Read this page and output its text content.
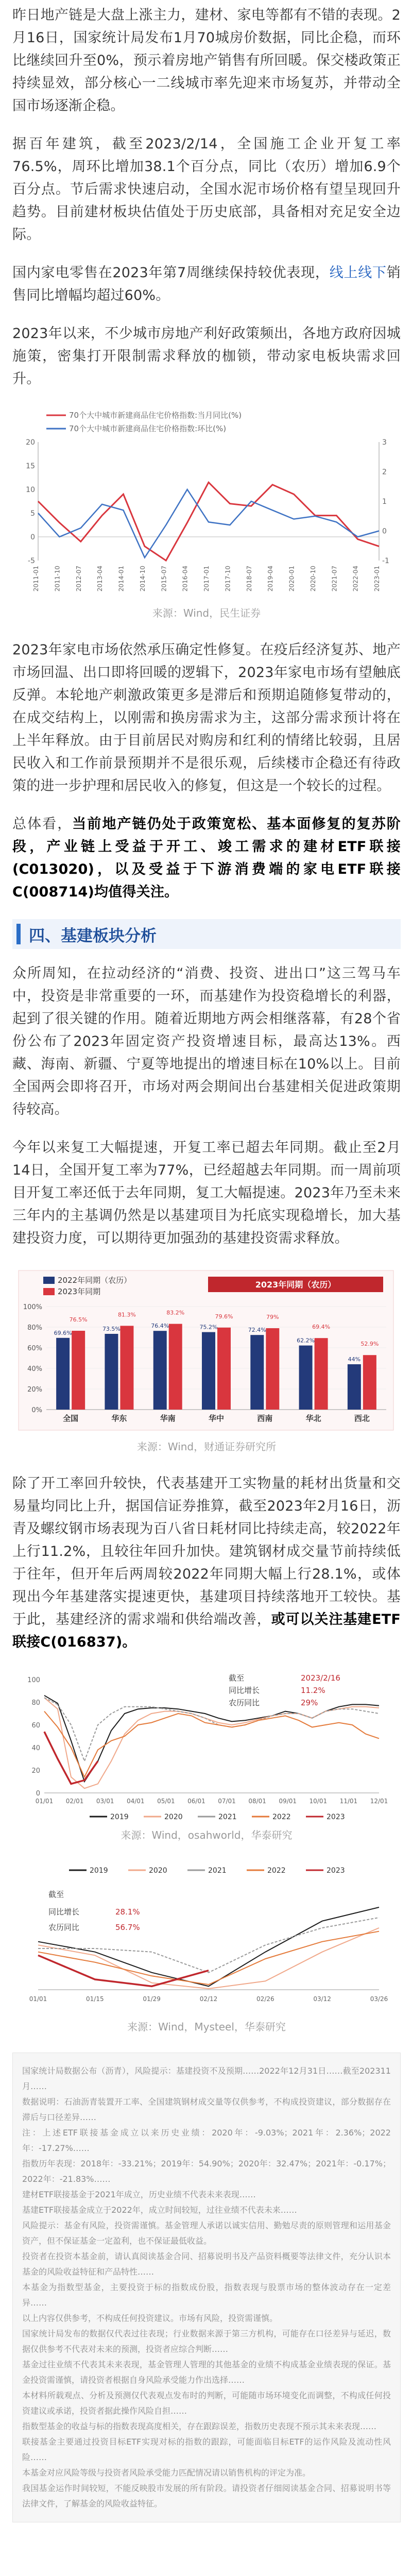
昨日地产链是大盘上涨主力，建材、家电等都有不错的表现。2月16日，国家统计局发布1月70城房价数据，同比企稳，而环比继续回升至0%，预示着房地产销售有所回暖。保交楼政策正持续显效，部分核心一二线城市率先迎来市场复苏，并带动全国市场逐渐企稳。

据百年建筑，截至2023/2/14，全国施工企业开复工率76.5%，周环比增加38.1个百分点，同比（农历）增加6.9个百分点。节后需求快速启动，全国水泥市场价格有望呈现回升趋势。目前建材板块估值处于历史底部，具备相对充足安全边际。

国内家电零售在2023年第7周继续保持较优表现，线上线下销售同比增幅均超过60%。

2023年以来，不少城市房地产利好政策频出，各地方政府因城施策，密集打开限制需求释放的枷锁，带动家电板块需求回升。

70个大中城市新建商品住宅价格指数:当月同比(%)
70个大中城市新建商品住宅价格指数:环比(%)
20
15
10
5
0
-5
3
2
1
0
-1
2011-01 2011-10 2012-07 2013-04 2014-01 2014-10 2015-07 2016-04 2017-01 2017-10 2018-07 2019-04 2020-01 2020-10 2021-07 2022-04 2023-01
来源：Wind，民生证券

2023年家电市场依然承压确定性修复。在疫后经济复苏、地产市场回温、出口即将回暖的逻辑下，2023年家电市场有望触底反弹。本轮地产刺激政策更多是滞后和预期追随修复带动的，在成交结构上，以刚需和换房需求为主，这部分需求预计将在上半年释放。由于目前居民对购房和红利的情绪比较弱，且居民收入和工作前景预期并不是很乐观，后续楼市企稳还有待政策的进一步护理和居民收入的修复，但这是一个较长的过程。

总体看，当前地产链仍处于政策宽松、基本面修复的复苏阶段，产业链上受益于开工、竣工需求的建材ETF联接(C013020)，以及受益于下游消费端的家电ETF联接C(008714)均值得关注。

四、基建板块分析

众所周知，在拉动经济的“消费、投资、进出口”这三驾马车中，投资是非常重要的一环，而基建作为投资稳增长的利器，起到了很关键的作用。随着近期地方两会相继落幕，有28个省份公布了2023年固定资产投资增速目标，最高达13%。西藏、海南、新疆、宁夏等地提出的增速目标在10%以上。目前全国两会即将召开，市场对两会期间出台基建相关促进政策期待较高。

今年以来复工大幅提速，开复工率已超去年同期。截止至2月14日，全国开复工率为77%，已经超越去年同期。而一周前项目开复工率还低于去年同期，复工大幅提速。2023年乃至未来三年内的主基调仍然是以基建项目为托底实现稳增长，加大基建投资力度，可以期待更加强劲的基建投资需求释放。

2022年同期（农历）
2023年同期
2023年同期（农历）
100%
80%
60%
40%
20%
0%
69.6%
76.5%
73.5%
81.3%
76.4%
83.2%
75.2%
79.6%
72.4%
79%
62.2%
69.4%
44%
52.9%
全国	华东	华南	华中	西南	华北	西北
来源：Wind，财通证券研究所

除了开工率回升较快，代表基建开工实物量的耗材出货量和交易量均同比上升，据国信证券推算，截至2023年2月16日，沥青及螺纹钢市场表现为百八省日耗材同比持续走高，较2022年上行11.2%，且较往年回升加快。建筑钢材成交量节前持续低于往年，但开年后两周较2022年同期大幅上行28.1%，或体现出今年基建落实提速更快，基建项目持续落地开工较快。基于此，基建经济的需求端和供给端改善，或可以关注基建ETF联接C(016837)。

100
80
60
40
20
0
01/01 02/01 03/01 04/01 05/01 06/01 07/01 08/01 09/01 10/01 11/01 12/01
截至	2023/2/16
同比增长	11.2%
农历同比	29%
2019	2020	2021	2022	2023
来源：Wind，osahworld，华泰研究
2019	2020	2021	2022	2023
截至
同比增长	28.1%
农历同比	56.7%
01/01	01/15	01/29	02/12	02/26	03/12	03/26
来源：Wind，Mysteel，华泰研究

国家统计局数据公布（沥青），风险提示：基建投资不及预期……2022年12月31日……截至202311月……

数据说明：石油沥青装置开工率、全国建筑钢材成交量等仅供参考，不构成投资建议，部分数据存在滞后与口径差异……

注：上述ETF联接基金成立以来历史业绩：2020年：-9.03%；2021年：2.36%；2022年：-17.27%……

指数历年表现：2018年：-33.21%；2019年：54.90%；2020年：32.47%；2021年：-0.17%；2022年：-21.83%……

建材ETF联接基金于2021年成立，历史业绩不代表未来表现……

基建ETF联接基金成立于2022年，成立时间较短，过往业绩不代表未来……

风险提示：基金有风险，投资需谨慎。基金管理人承诺以诚实信用、勤勉尽责的原则管理和运用基金资产，但不保证基金一定盈利，也不保证最低收益。

投资者在投资本基金前，请认真阅读基金合同、招募说明书及产品资料概要等法律文件，充分认识本基金的风险收益特征和产品特性……

本基金为指数型基金，主要投资于标的指数成份股，指数表现与股票市场的整体波动存在一定差异……

以上内容仅供参考，不构成任何投资建议。市场有风险，投资需谨慎。

国家统计局发布的数据仅代表过往表现；行业数据来源于第三方机构，可能存在口径差异与延迟，数据仅供参考不代表对未来的预测，投资者应综合判断……

基金过往业绩不代表其未来表现，基金管理人管理的其他基金的业绩不构成基金业绩表现的保证。基金投资需谨慎，请投资者根据自身风险承受能力作出选择……

本材料所载观点、分析及预测仅代表观点发布时的判断，可能随市场环境变化而调整，不构成任何投资建议或承诺，投资者据此操作风险自担……

指数型基金的收益与标的指数表现高度相关，存在跟踪误差，指数历史表现不预示其未来表现……

联接基金主要通过投资目标ETF实现对标的指数的跟踪，可能面临目标ETF的运作风险及流动性风险……

本基金对应风险等级与投资者风险承受能力匹配情况请以销售机构的评定为准。

我国基金运作时间较短，不能反映股市发展的所有阶段。请投资者仔细阅读基金合同、招募说明书等法律文件，了解基金的风险收益特征。
